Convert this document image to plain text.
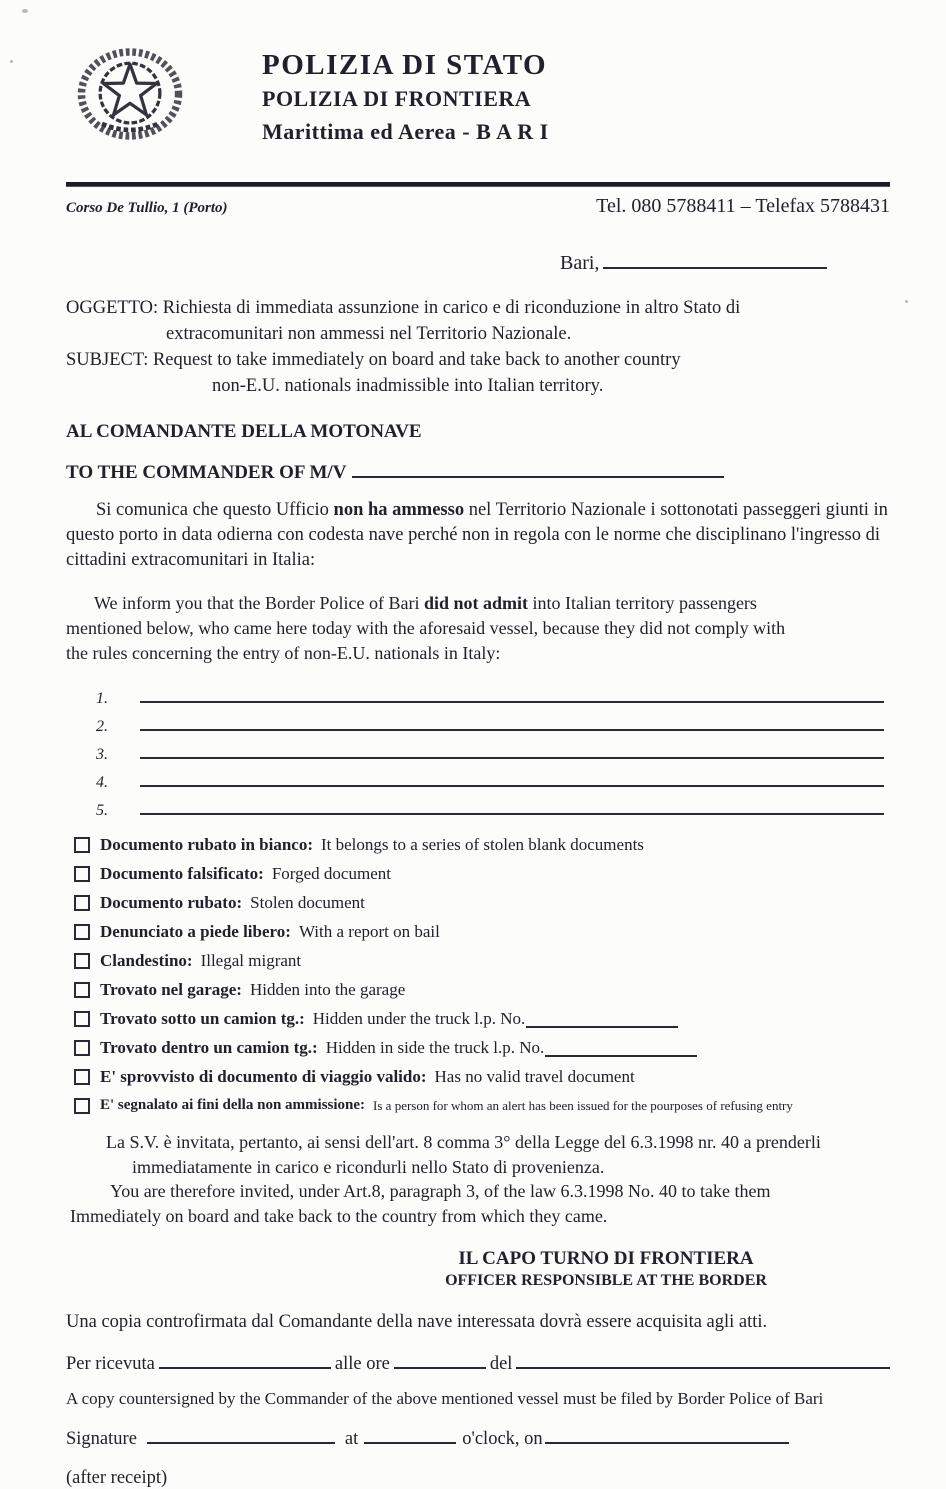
POLIZIA DI STATO
POLIZIA DI FRONTIERA
Marittima ed Aerea - B A R I
Corso De Tullio, 1 (Porto)	Tel. 080 5788411 – Telefax 5788431
Bari,
OGGETTO: Richiesta di immediata assunzione in carico e di riconduzione in altro Stato di
extracomunitari non ammessi nel Territorio Nazionale.
SUBJECT: Request to take immediately on board and take back to another country
non-E.U. nationals inadmissible into Italian territory.
AL COMANDANTE DELLA MOTONAVE
TO THE COMMANDER OF M/V

Si comunica che questo Ufficio non ha ammesso nel Territorio Nazionale i sottonotati passeggeri giunti in questo porto in data odierna con codesta nave perché non in regola con le norme che disciplinano l'ingresso di cittadini extracomunitari in Italia:

We inform you that the Border Police of Bari did not admit into Italian territory passengers mentioned below, who came here today with the aforesaid vessel, because they did not comply with the rules concerning the entry of non-E.U. nationals in Italy:

1.
2.
3.
4.
5.
Documento rubato in bianco: It belongs to a series of stolen blank documents
Documento falsificato: Forged document
Documento rubato: Stolen document
Denunciato a piede libero: With a report on bail
Clandestino: Illegal migrant
Trovato nel garage: Hidden into the garage
Trovato sotto un camion tg.: Hidden under the truck l.p. No.
Trovato dentro un camion tg.: Hidden in side the truck l.p. No.
E' sprovvisto di documento di viaggio valido: Has no valid travel document
E' segnalato ai fini della non ammissione: Is a person for whom an alert has been issued for the pourposes of refusing entry
La S.V. è invitata, pertanto, ai sensi dell'art. 8 comma 3° della Legge del 6.3.1998 nr. 40 a prenderli
immediatamente in carico e ricondurli nello Stato di provenienza.
You are therefore invited, under Art.8, paragraph 3, of the law 6.3.1998 No. 40 to take them
Immediately on board and take back to the country from which they came.
IL CAPO TURNO DI FRONTIERA
OFFICER RESPONSIBLE AT THE BORDER
Una copia controfirmata dal Comandante della nave interessata dovrà essere acquisita agli atti.
Per ricevuta	alle ore	del
A copy countersigned by the Commander of the above mentioned vessel must be filed by Border Police of Bari
Signature	at	o'clock, on
(after receipt)
